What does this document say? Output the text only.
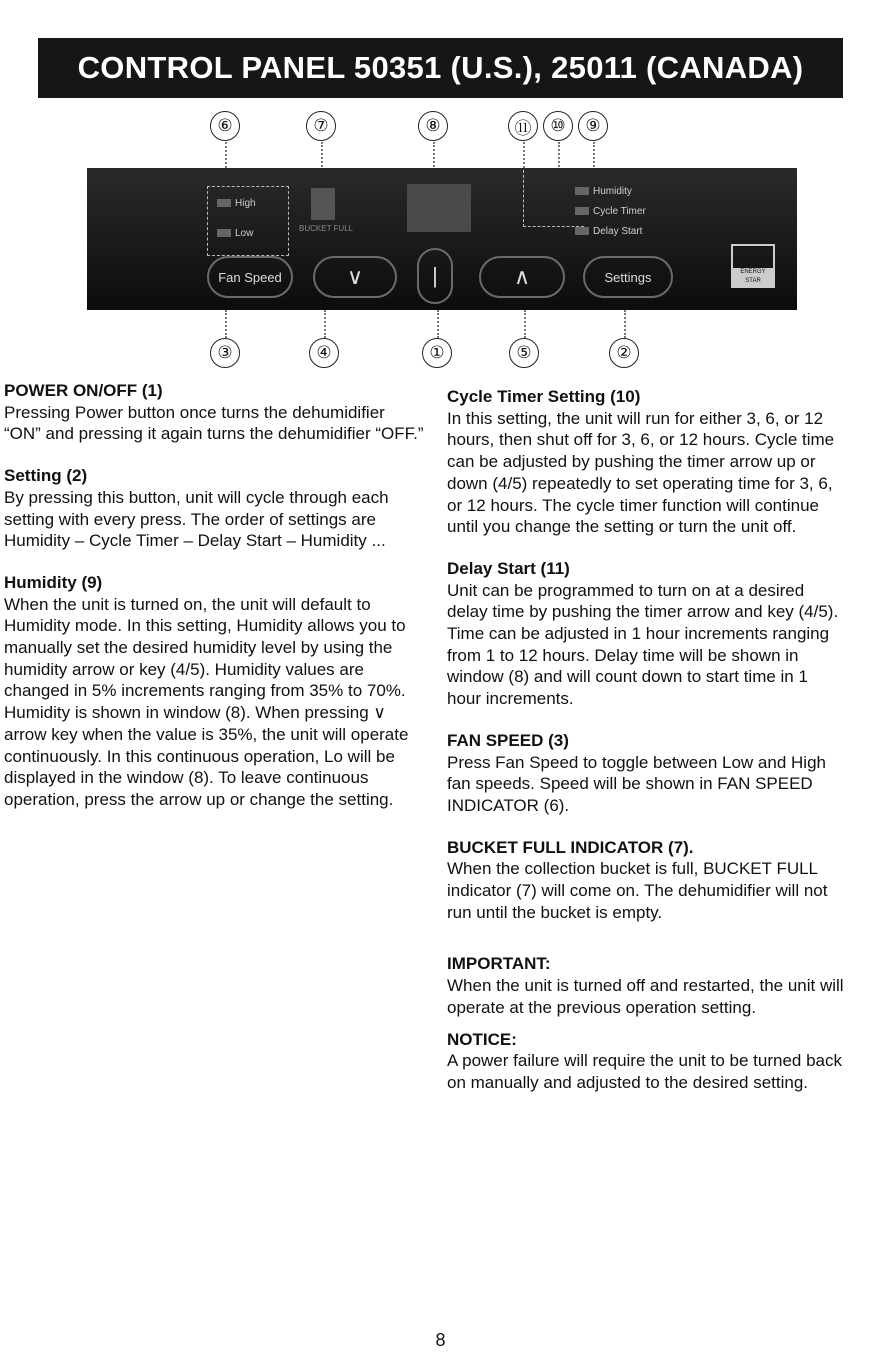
CONTROL PANEL 50351 (U.S.), 25011 (CANADA)
⑥	⑦	⑧	⑪	⑩	⑨
High
Low	BUCKET FULL
Humidity
Cycle Timer
Delay Start
Fan Speed	∨	|	∧	Settings	ENERGY STAR
③	④	①	⑤	②
POWER ON/OFF (1)

Pressing Power button once turns the dehumidifier “ON” and pressing it again turns the dehumidifier “OFF.”

Setting (2)

By pressing this button, unit will cycle through each setting with every press. The order of settings are Humidity – Cycle Timer – Delay Start – Humidity ...

Humidity (9)

When the unit is turned on, the unit will default to Humidity mode. In this setting, Humidity allows you to manually set the desired humidity level by using the humidity arrow or key (4/5). Humidity values are changed in 5% increments ranging from 35% to 70%. Humidity is shown in window (8). When pressing ∨ arrow key when the value is 35%, the unit will operate continuously. In this continuous operation, Lo will be displayed in the window (8). To leave continuous operation, press the arrow up or change the setting.

Cycle Timer Setting (10)

In this setting, the unit will run for either 3, 6, or 12 hours, then shut off for 3, 6, or 12 hours. Cycle time can be adjusted by pushing the timer arrow up or down (4/5) repeatedly to set operating time for 3, 6, or 12 hours. The cycle timer function will continue until you change the setting or turn the unit off.

Delay Start (11)

Unit can be programmed to turn on at a desired delay time by pushing the timer arrow and key (4/5). Time can be adjusted in 1 hour increments ranging from 1 to 12 hours. Delay time will be shown in window (8) and will count down to start time in 1 hour increments.

FAN SPEED (3)

Press Fan Speed to toggle between Low and High fan speeds. Speed will be shown in FAN SPEED INDICATOR (6).

BUCKET FULL INDICATOR (7).

When the collection bucket is full, BUCKET FULL indicator (7) will come on. The dehumidifier will not run until the bucket is empty.

IMPORTANT:

When the unit is turned off and restarted, the unit will operate at the previous operation setting.

NOTICE:

A power failure will require the unit to be turned back on manually and adjusted to the desired setting.

8
